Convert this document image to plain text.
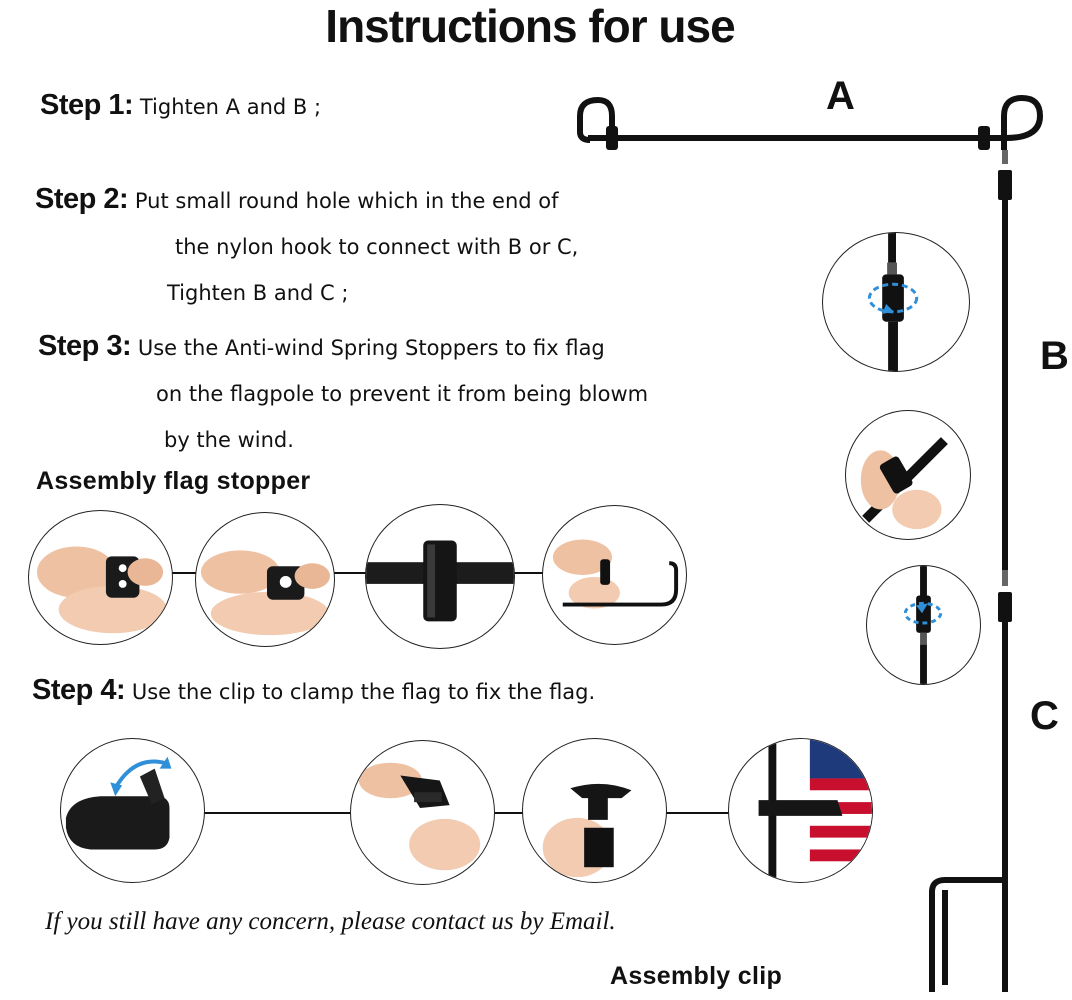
Instructions for use
Step 1: Tighten A and B ;
Step 2: Put small round hole which in the end of
the nylon hook to connect with B or C,
Tighten B and C ;
Step 3: Use the Anti-wind Spring Stoppers to fix flag
on the flagpole to prevent it from being blowm
by the wind.
Assembly flag stopper
Step 4: Use the clip to clamp the flag to fix the flag.
A
B
C
If you still have any concern, please contact us by Email.
Assembly clip
